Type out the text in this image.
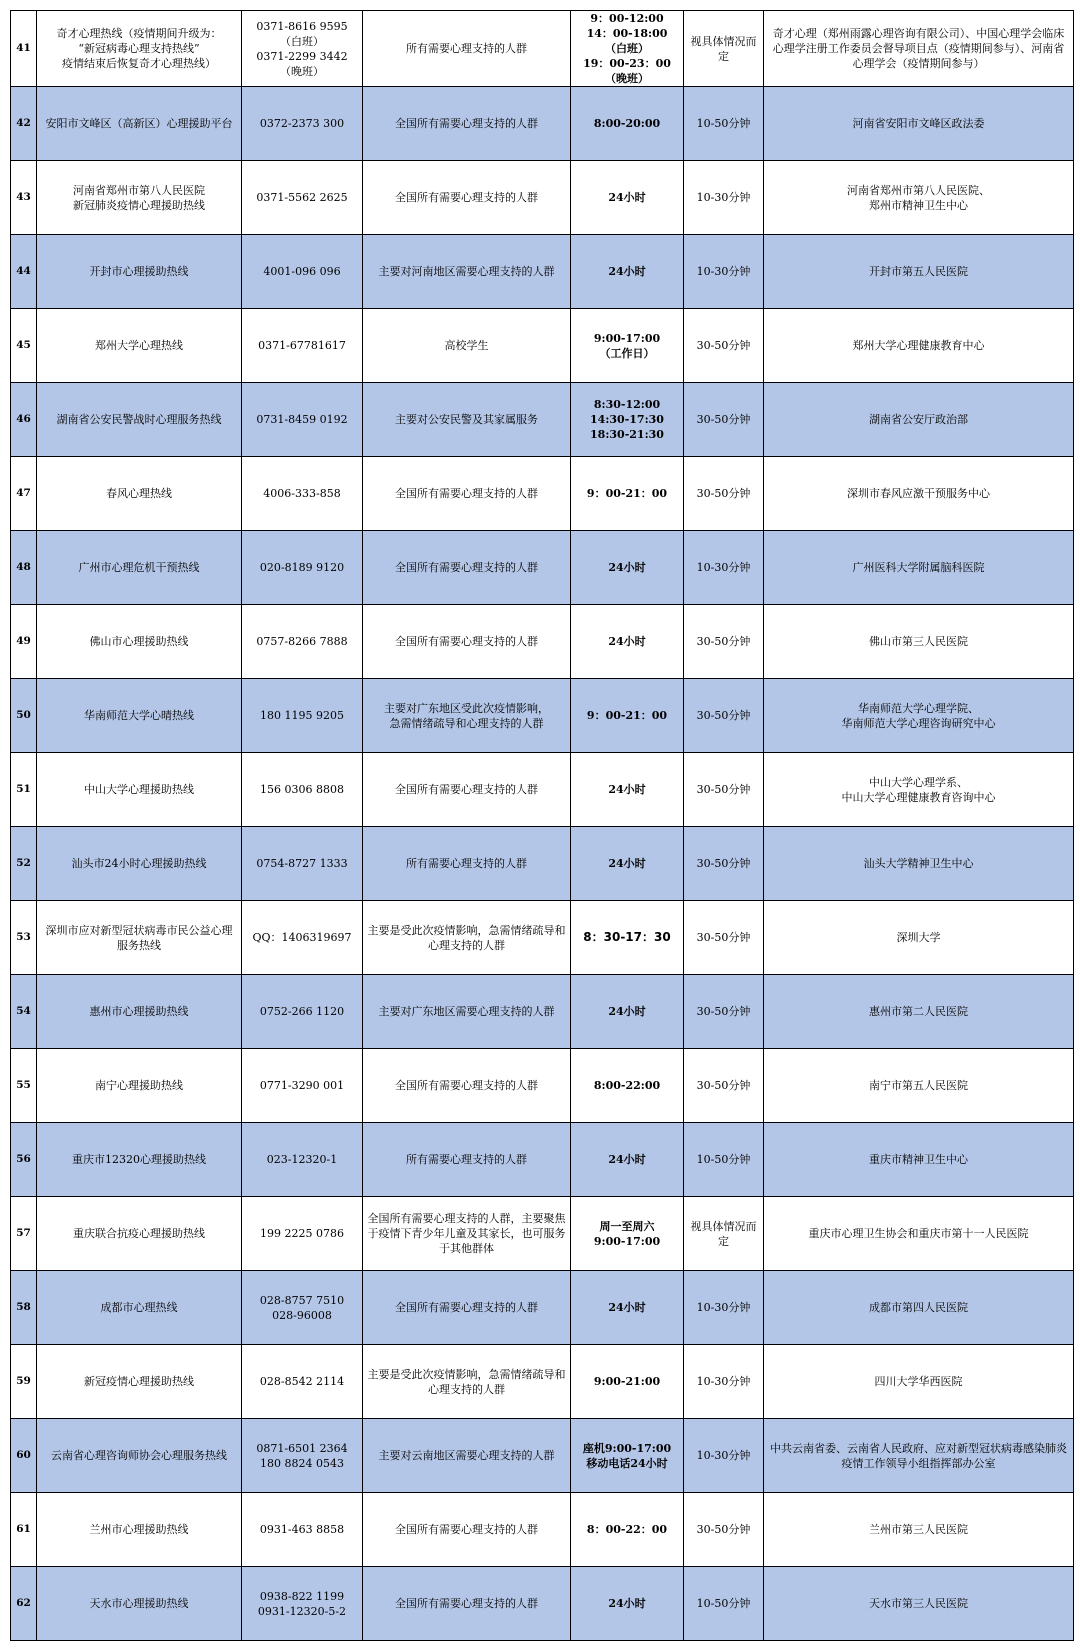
41	奇才心理热线（疫情期间升级为：
“新冠病毒心理支持热线”
疫情结束后恢复奇才心理热线）	0371-8616 9595
（白班）
0371-2299 3442
（晚班）	所有需要心理支持的人群	9：00-12:00
14：00-18:00
（白班）
19：00-23：00
（晚班）	视具体情况而
定	奇才心理（郑州雨露心理咨询有限公司）、中国心理学会临床心理学注册工作委员会督导项目点（疫情期间参与）、河南省心理学会（疫情期间参与）
42	安阳市文峰区（高新区）心理援助平台	0372-2373 300	全国所有需要心理支持的人群	8:00-20:00	10-50分钟	河南省安阳市文峰区政法委
43	河南省郑州市第八人民医院
新冠肺炎疫情心理援助热线	0371-5562 2625	全国所有需要心理支持的人群	24小时	10-30分钟	河南省郑州市第八人民医院、
郑州市精神卫生中心
44	开封市心理援助热线	4001-096 096	主要对河南地区需要心理支持的人群	24小时	10-30分钟	开封市第五人民医院
45	郑州大学心理热线	0371-67781617	高校学生	9:00-17:00
（工作日）	30-50分钟	郑州大学心理健康教育中心
46	湖南省公安民警战时心理服务热线	0731-8459 0192	主要对公安民警及其家属服务	8:30-12:00
14:30-17:30
18:30-21:30	30-50分钟	湖南省公安厅政治部
47	春风心理热线	4006-333-858	全国所有需要心理支持的人群	9：00-21：00	30-50分钟	深圳市春风应激干预服务中心
48	广州市心理危机干预热线	020-8189 9120	全国所有需要心理支持的人群	24小时	10-30分钟	广州医科大学附属脑科医院
49	佛山市心理援助热线	0757-8266 7888	全国所有需要心理支持的人群	24小时	30-50分钟	佛山市第三人民医院
50	华南师范大学心晴热线	180 1195 9205	主要对广东地区受此次疫情影响，
急需情绪疏导和心理支持的人群	9：00-21：00	30-50分钟	华南师范大学心理学院、
华南师范大学心理咨询研究中心
51	中山大学心理援助热线	156 0306 8808	全国所有需要心理支持的人群	24小时	30-50分钟	中山大学心理学系、
中山大学心理健康教育咨询中心
52	汕头市24小时心理援助热线	0754-8727 1333	所有需要心理支持的人群	24小时	30-50分钟	汕头大学精神卫生中心
53	深圳市应对新型冠状病毒市民公益心理服务热线	QQ：1406319697	主要是受此次疫情影响，急需情绪疏导和心理支持的人群	8：30-17：30	30-50分钟	深圳大学
54	惠州市心理援助热线	0752-266 1120	主要对广东地区需要心理支持的人群	24小时	30-50分钟	惠州市第二人民医院
55	南宁心理援助热线	0771-3290 001	全国所有需要心理支持的人群	8:00-22:00	30-50分钟	南宁市第五人民医院
56	重庆市12320心理援助热线	023-12320-1	所有需要心理支持的人群	24小时	10-50分钟	重庆市精神卫生中心
57	重庆联合抗疫心理援助热线	199 2225 0786	全国所有需要心理支持的人群，主要聚焦于疫情下青少年儿童及其家长，也可服务于其他群体	周一至周六
9:00-17:00	视具体情况而
定	重庆市心理卫生协会和重庆市第十一人民医院
58	成都市心理热线	028-8757 7510 028-96008	全国所有需要心理支持的人群	24小时	10-30分钟	成都市第四人民医院
59	新冠疫情心理援助热线	028-8542 2114	主要是受此次疫情影响，急需情绪疏导和心理支持的人群	9:00-21:00	10-30分钟	四川大学华西医院
60	云南省心理咨询师协会心理服务热线	0871-6501 2364
180 8824 0543	主要对云南地区需要心理支持的人群	座机9:00-17:00
移动电话24小时	10-30分钟	中共云南省委、云南省人民政府、应对新型冠状病毒感染肺炎疫情工作领导小组指挥部办公室
61	兰州市心理援助热线	0931-463 8858	全国所有需要心理支持的人群	8：00-22：00	30-50分钟	兰州市第三人民医院
62	天水市心理援助热线	0938-822 1199
0931-12320-5-2	全国所有需要心理支持的人群	24小时	10-50分钟	天水市第三人民医院
